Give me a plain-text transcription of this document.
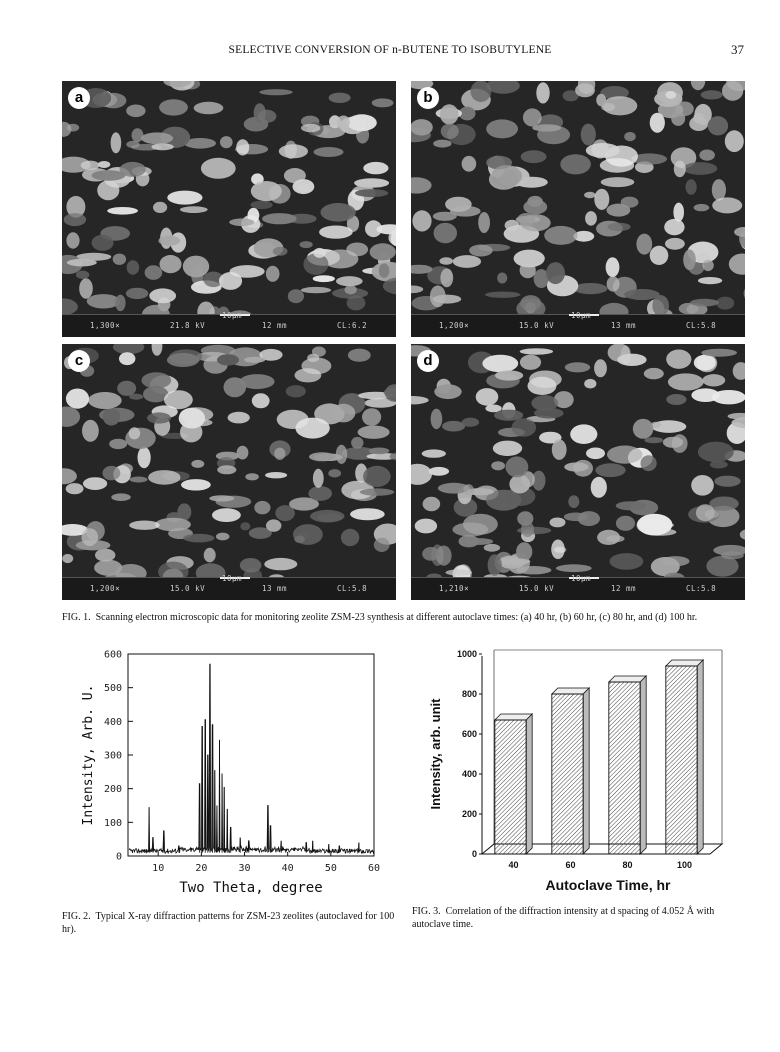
SELECTIVE CONVERSION OF n-BUTENE TO ISOBUTYLENE	37
a
1,300×	21.8 kV
10μm
12 mm	CL:6.2
b
1,200×	15.0 kV
10μm
13 mm	CL:5.8
c
1,200×	15.0 kV
10μm
13 mm	CL:5.8
d
1,210×	15.0 kV
10μm
12 mm	CL:5.8
FIG. 1. Scanning electron microscopic data for monitoring zeolite ZSM-23 synthesis at different autoclave times: (a) 40 hr, (b) 60 hr, (c) 80 hr, and (d) 100 hr.
0
100
200
300
400
500
600
10	20	30	40	50	60
Two Theta, degree
Intensity, Arb. U.
FIG. 2. Typical X-ray diffraction patterns for ZSM-23 zeolites (autoclaved for 100 hr).
0
200
400
600
800
1000
40	60	80	100
Autoclave Time, hr
Intensity, arb. unit
FIG. 3. Correlation of the diffraction intensity at d spacing of 4.052 Å with autoclave time.
